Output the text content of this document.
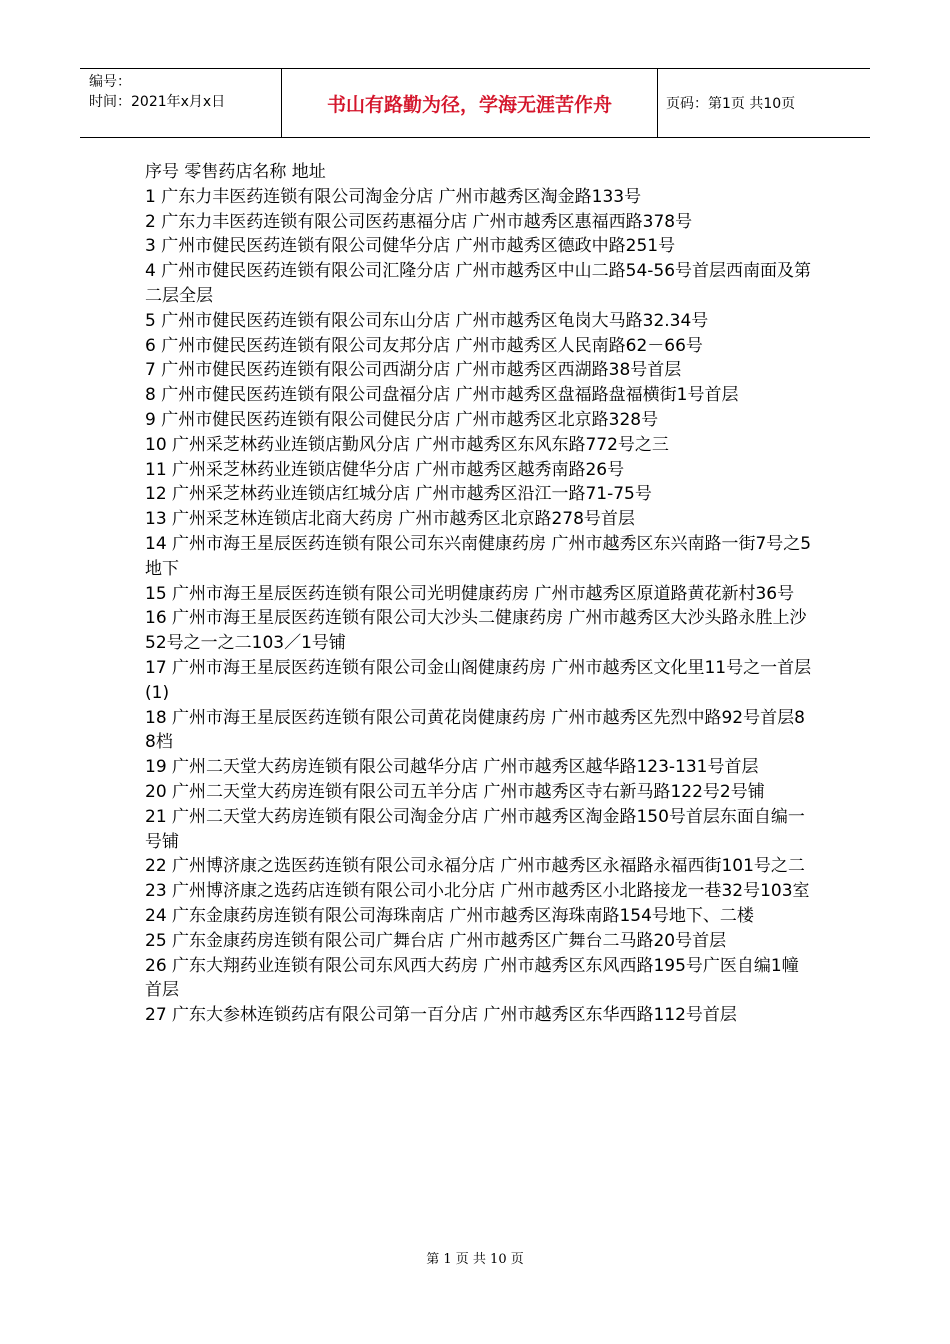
编号：
时间：2021年x月x日	书山有路勤为径，学海无涯苦作舟	页码：第1页 共10页
序号 零售药店名称 地址
1 广东力丰医药连锁有限公司淘金分店 广州市越秀区淘金路133号
2 广东力丰医药连锁有限公司医药惠福分店 广州市越秀区惠福西路378号
3 广州市健民医药连锁有限公司健华分店 广州市越秀区德政中路251号
4 广州市健民医药连锁有限公司汇隆分店 广州市越秀区中山二路54-56号首层西南面及第二层全层
5 广州市健民医药连锁有限公司东山分店 广州市越秀区龟岗大马路32.34号
6 广州市健民医药连锁有限公司友邦分店 广州市越秀区人民南路62－66号
7 广州市健民医药连锁有限公司西湖分店 广州市越秀区西湖路38号首层
8 广州市健民医药连锁有限公司盘福分店 广州市越秀区盘福路盘福横街1号首层
9 广州市健民医药连锁有限公司健民分店 广州市越秀区北京路328号
10 广州采芝林药业连锁店勤风分店 广州市越秀区东风东路772号之三
11 广州采芝林药业连锁店健华分店 广州市越秀区越秀南路26号
12 广州采芝林药业连锁店红城分店 广州市越秀区沿江一路71-75号
13 广州采芝林连锁店北商大药房 广州市越秀区北京路278号首层
14 广州市海王星辰医药连锁有限公司东兴南健康药房 广州市越秀区东兴南路一街7号之5地下
15 广州市海王星辰医药连锁有限公司光明健康药房 广州市越秀区原道路黄花新村36号
16 广州市海王星辰医药连锁有限公司大沙头二健康药房 广州市越秀区大沙头路永胜上沙52号之一之二103／1号铺
17 广州市海王星辰医药连锁有限公司金山阁健康药房 广州市越秀区文化里11号之一首层(1)
18 广州市海王星辰医药连锁有限公司黄花岗健康药房 广州市越秀区先烈中路92号首层88档
19 广州二天堂大药房连锁有限公司越华分店 广州市越秀区越华路123-131号首层
20 广州二天堂大药房连锁有限公司五羊分店 广州市越秀区寺右新马路122号2号铺
21 广州二天堂大药房连锁有限公司淘金分店 广州市越秀区淘金路150号首层东面自编一号铺
22 广州博济康之选医药连锁有限公司永福分店 广州市越秀区永福路永福西街101号之二
23 广州博济康之选药店连锁有限公司小北分店 广州市越秀区小北路接龙一巷32号103室
24 广东金康药房连锁有限公司海珠南店 广州市越秀区海珠南路154号地下、二楼
25 广东金康药房连锁有限公司广舞台店 广州市越秀区广舞台二马路20号首层
26 广东大翔药业连锁有限公司东风西大药房 广州市越秀区东风西路195号广医自编1幢首层
27 广东大参林连锁药店有限公司第一百分店 广州市越秀区东华西路112号首层
第 1 页 共 10 页
